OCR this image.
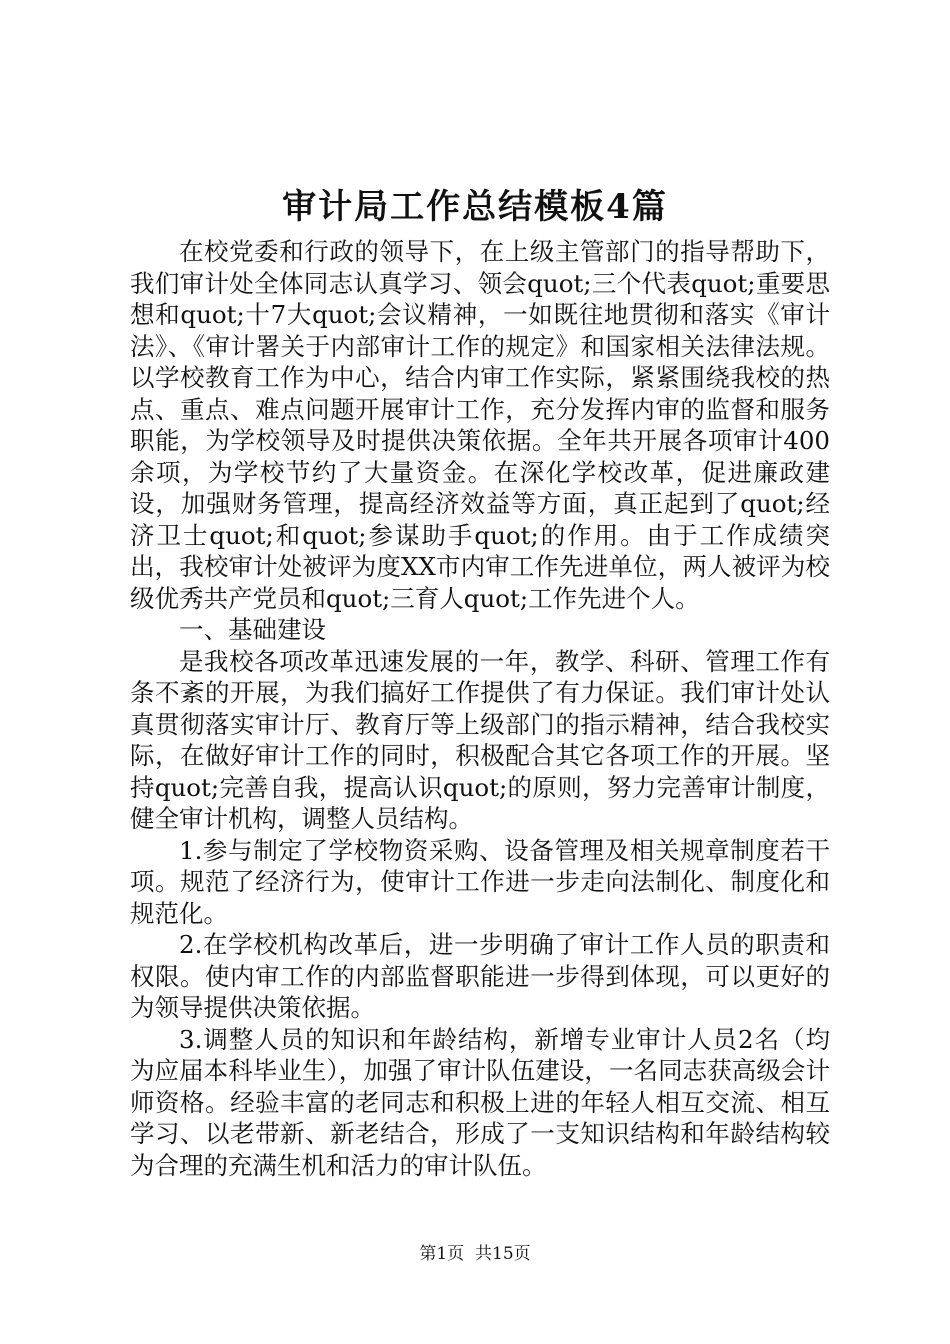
审计局工作总结模板4篇

在校党委和行政的领导下，在上级主管部门的指导帮助下，我们审计处全体同志认真学习、领会quot;三个代表quot;重要思想和quot;十7大quot;会议精神，一如既往地贯彻和落实《审计法》、《审计署关于内部审计工作的规定》和国家相关法律法规。以学校教育工作为中心，结合内审工作实际，紧紧围绕我校的热点、重点、难点问题开展审计工作，充分发挥内审的监督和服务职能，为学校领导及时提供决策依据。全年共开展各项审计400余项，为学校节约了大量资金。在深化学校改革，促进廉政建设，加强财务管理，提高经济效益等方面，真正起到了quot;经济卫士quot;和quot;参谋助手quot;的作用。由于工作成绩突出，我校审计处被评为度XX市内审工作先进单位，两人被评为校级优秀共产党员和quot;三育人quot;工作先进个人。

一、基础建设

是我校各项改革迅速发展的一年，教学、科研、管理工作有条不紊的开展，为我们搞好工作提供了有力保证。我们审计处认真贯彻落实审计厅、教育厅等上级部门的指示精神，结合我校实际，在做好审计工作的同时，积极配合其它各项工作的开展。坚持quot;完善自我，提高认识quot;的原则，努力完善审计制度，健全审计机构，调整人员结构。

1.参与制定了学校物资采购、设备管理及相关规章制度若干项。规范了经济行为，使审计工作进一步走向法制化、制度化和规范化。

2.在学校机构改革后，进一步明确了审计工作人员的职责和权限。使内审工作的内部监督职能进一步得到体现，可以更好的为领导提供决策依据。

3.调整人员的知识和年龄结构，新增专业审计人员2名（均为应届本科毕业生），加强了审计队伍建设，一名同志获高级会计师资格。经验丰富的老同志和积极上进的年轻人相互交流、相互学习、以老带新、新老结合，形成了一支知识结构和年龄结构较为合理的充满生机和活力的审计队伍。

第1页 共15页
